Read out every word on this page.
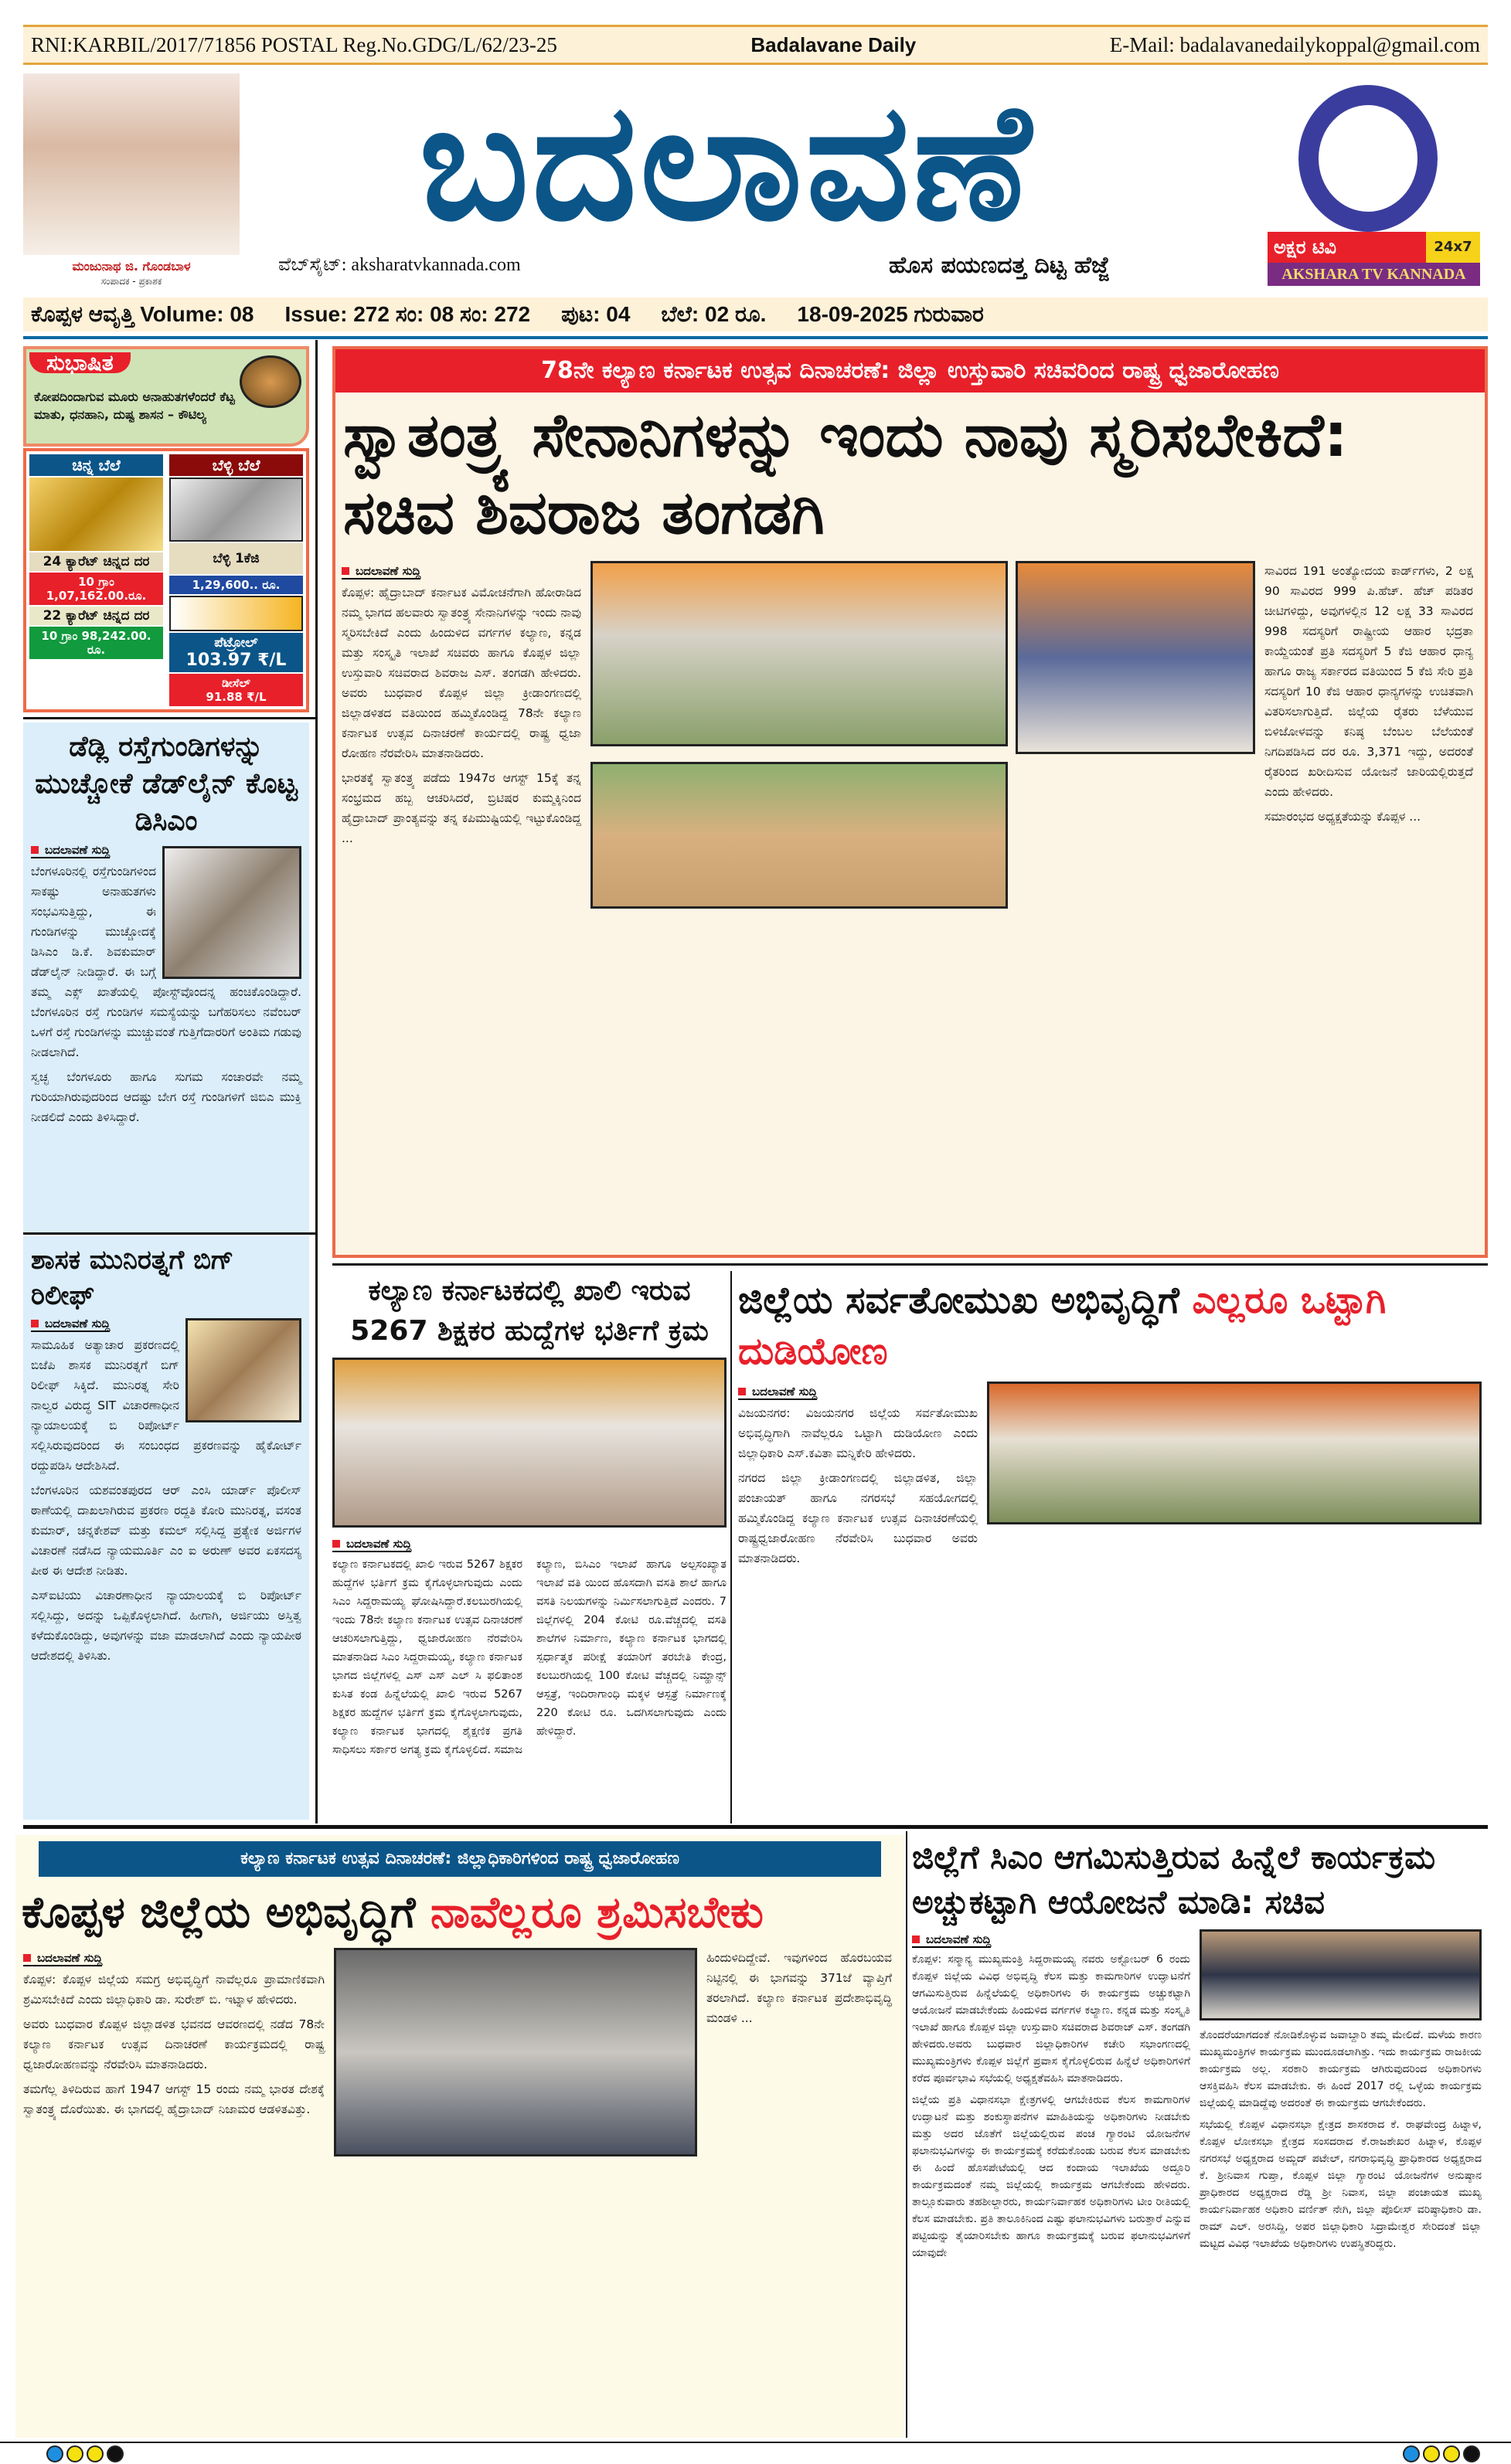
RNI:KARBIL/2017/71856 POSTAL Reg.No.GDG/L/62/23-25	Badalavane Daily	E-Mail: badalavanedailykoppal@gmail.com
ಮಂಜುನಾಥ ಜಿ. ಗೊಂಡಬಾಳ
ಸಂಪಾದಕ - ಪ್ರಕಾಶಕ
ಬದಲಾವಣೆ
ವೆಬ್‌ಸೈಟ್: aksharatvkannada.com	ಹೊಸ ಪಯಣದತ್ತ ದಿಟ್ಟ ಹೆಜ್ಜೆ
ಅಕ್ಷರ ಟಿವಿ	24x7
AKSHARA TV KANNADA
ಕೊಪ್ಪಳ ಆವೃತ್ತಿ Volume: 08 Issue: 272 ಸಂ: 08 ಸಂ: 272 ಪುಟ: 04 ಬೆಲೆ: 02 ರೂ. 18-09-2025 ಗುರುವಾರ
ಸುಭಾಷಿತ
ಕೋಪದಿಂದಾಗುವ ಮೂರು ಅನಾಹುತಗಳೆಂದರೆ ಕೆಟ್ಟ ಮಾತು, ಧನಹಾನಿ, ದುಷ್ಟ ಶಾಸನ – ಕೌಟಿಲ್ಯ
ಚಿನ್ನ ಬೆಲೆ
24 ಕ್ಯಾರೆಟ್ ಚಿನ್ನದ ದರ
10 ಗ್ರಾಂ 1,07,162.00.ರೂ.
22 ಕ್ಯಾರೆಟ್ ಚಿನ್ನದ ದರ
10 ಗ್ರಾಂ 98,242.00. ರೂ.
ಬೆಳ್ಳಿ ಬೆಲೆ
ಬೆಳ್ಳಿ 1ಕೆಜಿ
1,29,600.. ರೂ.
ಪೆಟ್ರೋಲ್
103.97 ₹/L
ಡೀಸೆಲ್
91.88 ₹/L
ಡೆಡ್ಲಿ ರಸ್ತೆಗುಂಡಿಗಳನ್ನು ಮುಚ್ಚೋಕೆ ಡೆಡ್‌ಲೈನ್ ಕೊಟ್ಟ ಡಿಸಿಎಂ
ಬದಲಾವಣೆ ಸುದ್ದಿ

ಬೆಂಗಳೂರಿನಲ್ಲಿ ರಸ್ತೆಗುಂಡಿಗಳಿಂದ ಸಾಕಷ್ಟು ಅನಾಹುತಗಳು ಸಂಭವಿಸುತ್ತಿದ್ದು, ಈ ಗುಂಡಿಗಳನ್ನು ಮುಚ್ಚೋದಕ್ಕೆ ಡಿಸಿಎಂ ಡಿ.ಕೆ. ಶಿವಕುಮಾರ್ ಡೆಡ್‌ಲೈನ್ ನೀಡಿದ್ದಾರೆ. ಈ ಬಗ್ಗೆ ತಮ್ಮ ಎಕ್ಸ್ ಖಾತೆಯಲ್ಲಿ ಪೋಸ್ಟ್‌ವೊಂದನ್ನ ಹಂಚಿಕೊಂಡಿದ್ದಾರೆ. ಬೆಂಗಳೂರಿನ ರಸ್ತೆ ಗುಂಡಿಗಳ ಸಮಸ್ಯೆಯನ್ನು ಬಗೆಹರಿಸಲು ನವೆಂಬರ್ ಒಳಗೆ ರಸ್ತೆ ಗುಂಡಿಗಳನ್ನು ಮುಚ್ಚುವಂತೆ ಗುತ್ತಿಗೆದಾರರಿಗೆ ಅಂತಿಮ ಗಡುವು ನೀಡಲಾಗಿದೆ.

ಸ್ವಚ್ಛ ಬೆಂಗಳೂರು ಹಾಗೂ ಸುಗಮ ಸಂಚಾರವೇ ನಮ್ಮ ಗುರಿಯಾಗಿರುವುದರಿಂದ ಆದಷ್ಟು ಬೇಗ ರಸ್ತೆ ಗುಂಡಿಗಳಿಗೆ ಜಿಬಿಎ ಮುಕ್ತಿ ನೀಡಲಿದೆ ಎಂದು ತಿಳಿಸಿದ್ದಾರೆ.

ಶಾಸಕ ಮುನಿರತ್ನಗೆ ಬಿಗ್ ರಿಲೀಫ್
ಬದಲಾವಣೆ ಸುದ್ದಿ

ಸಾಮೂಹಿಕ ಅತ್ಯಾಚಾರ ಪ್ರಕರಣದಲ್ಲಿ ಬಿಜೆಪಿ ಶಾಸಕ ಮುನಿರತ್ನಗೆ ಬಿಗ್ ರಿಲೀಫ್ ಸಿಕ್ಕಿದೆ. ಮುನಿರತ್ನ ಸೇರಿ ನಾಲ್ವರ ವಿರುದ್ಧ SIT ವಿಚಾರಣಾಧೀನ ನ್ಯಾಯಾಲಯಕ್ಕೆ ಬಿ ರಿಪೋರ್ಟ್ ಸಲ್ಲಿಸಿರುವುದರಿಂದ ಈ ಸಂಬಂಧದ ಪ್ರಕರಣವನ್ನು ಹೈಕೋರ್ಟ್ ರದ್ದುಪಡಿಸಿ ಆದೇಶಿಸಿದೆ.

ಬೆಂಗಳೂರಿನ ಯಶವಂತಪುರದ ಆರ್ ಎಂಸಿ ಯಾರ್ಡ್ ಪೊಲೀಸ್ ಠಾಣೆಯಲ್ಲಿ ದಾಖಲಾಗಿರುವ ಪ್ರಕರಣ ರದ್ದತಿ ಕೋರಿ ಮುನಿರತ್ನ, ವಸಂತ ಕುಮಾರ್, ಚನ್ನಕೇಶವ್ ಮತ್ತು ಕಮಲ್ ಸಲ್ಲಿಸಿದ್ದ ಪ್ರತ್ಯೇಕ ಅರ್ಜಿಗಳ ವಿಚಾರಣೆ ನಡೆಸಿದ ನ್ಯಾಯಮೂರ್ತಿ ಎಂ ಐ ಅರುಣ್ ಅವರ ಏಕಸದಸ್ಯ ಪೀಠ ಈ ಆದೇಶ ನೀಡಿತು.

ಎಸ್‌ಐಟಿಯು ವಿಚಾರಣಾಧೀನ ನ್ಯಾಯಾಲಯಕ್ಕೆ ಬಿ ರಿಪೋರ್ಟ್ ಸಲ್ಲಿಸಿದ್ದು, ಅದನ್ನು ಒಪ್ಪಿಕೊಳ್ಳಲಾಗಿದೆ. ಹೀಗಾಗಿ, ಅರ್ಜಿಯು ಅಸ್ತಿತ್ವ ಕಳೆದುಕೊಂಡಿದ್ದು, ಅವುಗಳನ್ನು ವಜಾ ಮಾಡಲಾಗಿದೆ ಎಂದು ನ್ಯಾಯಪೀಠ ಆದೇಶದಲ್ಲಿ ತಿಳಿಸಿತು.

78ನೇ ಕಲ್ಯಾಣ ಕರ್ನಾಟಕ ಉತ್ಸವ ದಿನಾಚರಣೆ: ಜಿಲ್ಲಾ ಉಸ್ತುವಾರಿ ಸಚಿವರಿಂದ ರಾಷ್ಟ್ರ ಧ್ವಜಾರೋಹಣ
ಸ್ವಾತಂತ್ರ್ಯ ಸೇನಾನಿಗಳನ್ನು ಇಂದು ನಾವು ಸ್ಮರಿಸಬೇಕಿದೆ: ಸಚಿವ ಶಿವರಾಜ ತಂಗಡಗಿ
ಬದಲಾವಣೆ ಸುದ್ದಿ

ಕೊಪ್ಪಳ: ಹೈದ್ರಾಬಾದ್ ಕರ್ನಾಟಕ ವಿಮೋಚನೆಗಾಗಿ ಹೋರಾಡಿದ ನಮ್ಮ ಭಾಗದ ಹಲವಾರು ಸ್ವಾತಂತ್ರ್ಯ ಸೇನಾನಿಗಳನ್ನು ಇಂದು ನಾವು ಸ್ಮರಿಸಬೇಕಿದೆ ಎಂದು ಹಿಂದುಳಿದ ವರ್ಗಗಳ ಕಲ್ಯಾಣ, ಕನ್ನಡ ಮತ್ತು ಸಂಸ್ಕೃತಿ ಇಲಾಖೆ ಸಚಿವರು ಹಾಗೂ ಕೊಪ್ಪಳ ಜಿಲ್ಲಾ ಉಸ್ತುವಾರಿ ಸಚಿವರಾದ ಶಿವರಾಜ ಎಸ್. ತಂಗಡಗಿ ಹೇಳಿದರು. ಅವರು ಬುಧವಾರ ಕೊಪ್ಪಳ ಜಿಲ್ಲಾ ಕ್ರೀಡಾಂಗಣದಲ್ಲಿ ಜಿಲ್ಲಾಡಳಿತದ ವತಿಯಿಂದ ಹಮ್ಮಿಕೊಂಡಿದ್ದ 78ನೇ ಕಲ್ಯಾಣ ಕರ್ನಾಟಕ ಉತ್ಸವ ದಿನಾಚರಣೆ ಕಾರ್ಯದಲ್ಲಿ ರಾಷ್ಟ್ರ ಧ್ವಜಾ ರೋಹಣ ನೆರವೇರಿಸಿ ಮಾತನಾಡಿದರು.

ಭಾರತಕ್ಕೆ ಸ್ವಾತಂತ್ರ್ಯ ಪಡೆದು 1947ರ ಆಗಸ್ಟ್ 15ಕ್ಕೆ ತನ್ನ ಸಂಭ್ರಮದ ಹಬ್ಬ ಆಚರಿಸಿದರೆ, ಬ್ರಿಟಿಷರ ಕುಮ್ಮಕ್ಕಿನಿಂದ ಹೈದ್ರಾಬಾದ್ ಪ್ರಾಂತ್ಯವನ್ನು ತನ್ನ ಕಪಿಮುಷ್ಟಿಯಲ್ಲಿ ಇಟ್ಟುಕೊಂಡಿದ್ದ ...

ಸಾವಿರದ 191 ಅಂತ್ಯೋದಯ ಕಾರ್ಡ್‌ಗಳು, 2 ಲಕ್ಷ 90 ಸಾವಿರದ 999 ಪಿ.ಹೆಚ್. ಹೆಚ್ ಪಡಿತರ ಚೀಟಿಗಳಿದ್ದು, ಅವುಗಳಲ್ಲಿನ 12 ಲಕ್ಷ 33 ಸಾವಿರದ 998 ಸದಸ್ಯರಿಗೆ ರಾಷ್ಟ್ರೀಯ ಆಹಾರ ಭದ್ರತಾ ಕಾಯ್ದೆಯಂತೆ ಪ್ರತಿ ಸದಸ್ಯರಿಗೆ 5 ಕೆಜಿ ಆಹಾರ ಧಾನ್ಯ ಹಾಗೂ ರಾಜ್ಯ ಸರ್ಕಾರದ ವತಿಯಿಂದ 5 ಕೆಜಿ ಸೇರಿ ಪ್ರತಿ ಸದಸ್ಯರಿಗೆ 10 ಕೆಜಿ ಆಹಾರ ಧಾನ್ಯಗಳನ್ನು ಉಚಿತವಾಗಿ ವಿತರಿಸಲಾಗುತ್ತಿದೆ. ಜಿಲ್ಲೆಯ ರೈತರು ಬೆಳೆಯುವ ಬಿಳಿಜೋಳವನ್ನು ಕನಿಷ್ಠ ಬೆಂಬಲ ಬೆಲೆಯಂತೆ ನಿಗದಿಪಡಿಸಿದ ದರ ರೂ. 3,371 ಇದ್ದು, ಅದರಂತೆ ರೈತರಿಂದ ಖರೀದಿಸುವ ಯೋಜನೆ ಜಾರಿಯಲ್ಲಿರುತ್ತದೆ ಎಂದು ಹೇಳಿದರು.

ಸಮಾರಂಭದ ಅಧ್ಯಕ್ಷತೆಯನ್ನು ಕೊಪ್ಪಳ ...

ಕಲ್ಯಾಣ ಕರ್ನಾಟಕದಲ್ಲಿ ಖಾಲಿ ಇರುವ 5267 ಶಿಕ್ಷಕರ ಹುದ್ದೆಗಳ ಭರ್ತಿಗೆ ಕ್ರಮ
ಬದಲಾವಣೆ ಸುದ್ದಿ

ಕಲ್ಯಾಣ ಕರ್ನಾಟಕದಲ್ಲಿ ಖಾಲಿ ಇರುವ 5267 ಶಿಕ್ಷಕರ ಹುದ್ದೆಗಳ ಭರ್ತಿಗೆ ಕ್ರಮ ಕೈಗೊಳ್ಳಲಾಗುವುದು ಎಂದು ಸಿಎಂ ಸಿದ್ದರಾಮಯ್ಯ ಘೋಷಿಸಿದ್ದಾರೆ.ಕಲಬುರಗಿಯಲ್ಲಿ ಇಂದು 78ನೇ ಕಲ್ಯಾಣ ಕರ್ನಾಟಕ ಉತ್ಸವ ದಿನಾಚರಣೆ ಆಚರಿಸಲಾಗುತ್ತಿದ್ದು, ಧ್ವಜಾರೋಹಣ ನೆರವೇರಿಸಿ ಮಾತನಾಡಿದ ಸಿಎಂ ಸಿದ್ದರಾಮಯ್ಯ, ಕಲ್ಯಾಣ ಕರ್ನಾಟಕ ಭಾಗದ ಜಿಲ್ಲೆಗಳಲ್ಲಿ ಎಸ್ ಎಸ್ ಎಲ್ ಸಿ ಫಲಿತಾಂಶ ಕುಸಿತ ಕಂಡ ಹಿನ್ನೆಲೆಯಲ್ಲಿ ಖಾಲಿ ಇರುವ 5267 ಶಿಕ್ಷಕರ ಹುದ್ದೆಗಳ ಭರ್ತಿಗೆ ಕ್ರಮ ಕೈಗೊಳ್ಳಲಾಗುವುದು, ಕಲ್ಯಾಣ ಕರ್ನಾಟಕ ಭಾಗದಲ್ಲಿ ಶೈಕ್ಷಣಿಕ ಪ್ರಗತಿ ಸಾಧಿಸಲು ಸರ್ಕಾರ ಅಗತ್ಯ ಕ್ರಮ ಕೈಗೊಳ್ಳಲಿದೆ. ಸಮಾಜ ಕಲ್ಯಾಣ, ಬಿಸಿಎಂ ಇಲಾಖೆ ಹಾಗೂ ಅಲ್ಪಸಂಖ್ಯಾತ ಇಲಾಖೆ ವತಿ ಯಿಂದ ಹೊಸದಾಗಿ ವಸತಿ ಶಾಲೆ ಹಾಗೂ ವಸತಿ ನಿಲಯಗಳನ್ನು ನಿರ್ಮಿಸಲಾಗುತ್ತಿದೆ ಎಂದರು. 7 ಜಿಲ್ಲೆಗಳಲ್ಲಿ 204 ಕೋಟಿ ರೂ.ವೆಚ್ಚದಲ್ಲಿ ವಸತಿ ಶಾಲೆಗಳ ನಿರ್ಮಾಣ, ಕಲ್ಯಾಣ ಕರ್ನಾಟಕ ಭಾಗದಲ್ಲಿ ಸ್ಪರ್ಧಾತ್ಮಕ ಪರೀಕ್ಷೆ ತಯಾರಿಗೆ ತರಬೇತಿ ಕೇಂದ್ರ, ಕಲಬುರಗಿಯಲ್ಲಿ 100 ಕೋಟಿ ವೆಚ್ಚದಲ್ಲಿ ನಿಮ್ಹಾನ್ಸ್ ಆಸ್ಪತ್ರೆ, ಇಂದಿರಾಗಾಂಧಿ ಮಕ್ಕಳ ಆಸ್ಪತ್ರೆ ನಿರ್ಮಾಣಕ್ಕೆ 220 ಕೋಟಿ ರೂ. ಒದಗಿಸಲಾಗುವುದು ಎಂದು ಹೇಳಿದ್ದಾರೆ.

ಜಿಲ್ಲೆಯ ಸರ್ವತೋಮುಖ ಅಭಿವೃದ್ಧಿಗೆ ಎಲ್ಲರೂ ಒಟ್ಟಾಗಿ ದುಡಿಯೋಣ
ಬದಲಾವಣೆ ಸುದ್ದಿ

ವಿಜಯನಗರ: ವಿಜಯನಗರ ಜಿಲ್ಲೆಯ ಸರ್ವತೋಮುಖ ಅಭಿವೃದ್ಧಿಗಾಗಿ ನಾವೆಲ್ಲರೂ ಒಟ್ಟಾಗಿ ದುಡಿಯೋಣ ಎಂದು ಜಿಲ್ಲಾಧಿಕಾರಿ ಎಸ್.ಕವಿತಾ ಮನ್ನಿಕೇರಿ ಹೇಳಿದರು.

ನಗರದ ಜಿಲ್ಲಾ ಕ್ರೀಡಾಂಗಣದಲ್ಲಿ ಜಿಲ್ಲಾಡಳಿತ, ಜಿಲ್ಲಾ ಪಂಚಾಯತ್ ಹಾಗೂ ನಗರಸಭೆ ಸಹಯೋಗದಲ್ಲಿ ಹಮ್ಮಿಕೊಂಡಿದ್ದ ಕಲ್ಯಾಣ ಕರ್ನಾಟಕ ಉತ್ಸವ ದಿನಾಚರಣೆಯಲ್ಲಿ ರಾಷ್ಟ್ರಧ್ವಜಾರೋಹಣ ನೆರವೇರಿಸಿ ಬುಧವಾರ ಅವರು ಮಾತನಾಡಿದರು.

ಕಲ್ಯಾಣ ಕರ್ನಾಟಕ ಉತ್ಸವ ದಿನಾಚರಣೆ: ಜಿಲ್ಲಾಧಿಕಾರಿಗಳಿಂದ ರಾಷ್ಟ್ರ ಧ್ವಜಾರೋಹಣ
ಕೊಪ್ಪಳ ಜಿಲ್ಲೆಯ ಅಭಿವೃದ್ಧಿಗೆ ನಾವೆಲ್ಲರೂ ಶ್ರಮಿಸಬೇಕು
ಬದಲಾವಣೆ ಸುದ್ದಿ

ಕೊಪ್ಪಳ: ಕೊಪ್ಪಳ ಜಿಲ್ಲೆಯ ಸಮಗ್ರ ಅಭಿವೃದ್ಧಿಗೆ ನಾವೆಲ್ಲರೂ ಪ್ರಾಮಾಣಿಕವಾಗಿ ಶ್ರಮಿಸಬೇಕಿದೆ ಎಂದು ಜಿಲ್ಲಾಧಿಕಾರಿ ಡಾ. ಸುರೇಶ್ ಬಿ. ಇಟ್ನಾಳ ಹೇಳಿದರು.

ಅವರು ಬುಧವಾರ ಕೊಪ್ಪಳ ಜಿಲ್ಲಾಡಳಿತ ಭವನದ ಆವರಣದಲ್ಲಿ ನಡೆದ 78ನೇ ಕಲ್ಯಾಣ ಕರ್ನಾಟಕ ಉತ್ಸವ ದಿನಾಚರಣೆ ಕಾರ್ಯಕ್ರಮದಲ್ಲಿ ರಾಷ್ಟ್ರ ಧ್ವಜಾರೋಹಣವನ್ನು ನೆರವೇರಿಸಿ ಮಾತನಾಡಿದರು.

ತಮಗೆಲ್ಲ ತಿಳಿದಿರುವ ಹಾಗೆ 1947 ಆಗಸ್ಟ್ 15 ರಂದು ನಮ್ಮ ಭಾರತ ದೇಶಕ್ಕೆ ಸ್ವಾತಂತ್ರ್ಯ ದೊರೆಯಿತು. ಈ ಭಾಗದಲ್ಲಿ ಹೈದ್ರಾಬಾದ್ ನಿಜಾಮರ ಆಡಳಿತವಿತ್ತು.

ಹಿಂದುಳಿದಿದ್ದೇವೆ. ಇವುಗಳಿಂದ ಹೊರಬಯವ ನಿಟ್ಟಿನಲ್ಲಿ ಈ ಭಾಗವನ್ನು 371ಜೆ ವ್ಯಾಪ್ತಿಗೆ ತರಲಾಗಿದೆ. ಕಲ್ಯಾಣ ಕರ್ನಾಟಕ ಪ್ರದೇಶಾಭಿವೃದ್ಧಿ ಮಂಡಳಿ ...

ಜಿಲ್ಲೆಗೆ ಸಿಎಂ ಆಗಮಿಸುತ್ತಿರುವ ಹಿನ್ನೆಲೆ ಕಾರ್ಯಕ್ರಮ ಅಚ್ಚುಕಟ್ಟಾಗಿ ಆಯೋಜನೆ ಮಾಡಿ: ಸಚಿವ
ಬದಲಾವಣೆ ಸುದ್ದಿ

ಕೊಪ್ಪಳ: ಸನ್ಮಾನ್ಯ ಮುಖ್ಯಮಂತ್ರಿ ಸಿದ್ದರಾಮಯ್ಯ ನವರು ಅಕ್ಟೋಬರ್ 6 ರಂದು ಕೊಪ್ಪಳ ಜಿಲ್ಲೆಯ ವಿವಿಧ ಅಭಿವೃದ್ಧಿ ಕೆಲಸ ಮತ್ತು ಕಾಮಗಾರಿಗಳ ಉದ್ಘಾಟನೆಗೆ ಆಗಮಿಸುತ್ತಿರುವ ಹಿನ್ನೆಲೆಯಲ್ಲಿ ಅಧಿಕಾರಿಗಳು ಈ ಕಾರ್ಯಕ್ರಮ ಅಚ್ಚುಕಟ್ಟಾಗಿ ಆಯೋಜನೆ ಮಾಡಬೇಕೆಂದು ಹಿಂದುಳಿದ ವರ್ಗಗಳ ಕಲ್ಯಾಣ. ಕನ್ನಡ ಮತ್ತು ಸಂಸ್ಕೃತಿ ಇಲಾಖೆ ಹಾಗೂ ಕೊಪ್ಪಳ ಜಿಲ್ಲಾ ಉಸ್ತುವಾರಿ ಸಚಿವರಾದ ಶಿವರಾಜ್ ಎಸ್. ತಂಗಡಗಿ ಹೇಳಿದರು.ಅವರು ಬುಧವಾರ ಜಿಲ್ಲಾಧಿಕಾರಿಗಳ ಕಚೇರಿ ಸಭಾಂಗಣದಲ್ಲಿ ಮುಖ್ಯಮಂತ್ರಿಗಳು ಕೊಪ್ಪಳ ಜಿಲ್ಲೆಗೆ ಪ್ರವಾಸ ಕೈಗೊಳ್ಳಲಿರುವ ಹಿನ್ನೆಲೆ ಅಧಿಕಾರಿಗಳಿಗೆ ಕರೆದ ಪೂರ್ವಭಾವಿ ಸಭೆಯಲ್ಲಿ ಅಧ್ಯಕ್ಷತೆವಹಿಸಿ ಮಾತನಾಡಿದರು.

ಜಿಲ್ಲೆಯ ಪ್ರತಿ ವಿಧಾನಸಭಾ ಕ್ಷೇತ್ರಗಳಲ್ಲಿ ಆಗಬೇಕಿರುವ ಕೆಲಸ ಕಾಮಗಾರಿಗಳ ಉದ್ಘಾಟನೆ ಮತ್ತು ಶಂಕುಸ್ಥಾಪನೆಗಳ ಮಾಹಿತಿಯನ್ನು ಅಧಿಕಾರಿಗಳು ನೀಡಬೇಕು ಮತ್ತು ಅದರ ಜೊತೆಗೆ ಜಿಲ್ಲೆಯಲ್ಲಿರುವ ಪಂಚ ಗ್ಯಾರಂಟಿ ಯೋಜನೆಗಳ ಫಲಾನುಭವಿಗಳನ್ನು ಈ ಕಾರ್ಯಕ್ರಮಕ್ಕೆ ಕರೆದುಕೊಂಡು ಬರುವ ಕೆಲಸ ಮಾಡಬೇಕು ಈ ಹಿಂದೆ ಹೊಸಪೇಟೆಯಲ್ಲಿ ಆದ ಕಂದಾಯ ಇಲಾಖೆಯ ಅದ್ದೂರಿ ಕಾರ್ಯಕ್ರಮದಂತೆ ನಮ್ಮ ಜಿಲ್ಲೆಯಲ್ಲಿ ಕಾರ್ಯಕ್ರಮ ಆಗಬೇಕೆಂದು ಹೇಳಿದರು. ತಾಲ್ಲೂಕುವಾರು ತಹಶೀಲ್ದಾರರು, ಕಾರ್ಯನಿರ್ವಾಹಕ ಅಧಿಕಾರಿಗಳು ಟೀಂ ರೀತಿಯಲ್ಲಿ ಕೆಲಸ ಮಾಡಬೇಕು. ಪ್ರತಿ ತಾಲೂಕಿನಿಂದ ಎಷ್ಟು ಫಲಾನುಭವಿಗಳು ಬರುತ್ತಾರೆ ಎನ್ನುವ ಪಟ್ಟಿಯನ್ನು ತೈಯಾರಿಸಬೇಕು ಹಾಗೂ ಕಾರ್ಯಕ್ರಮಕ್ಕೆ ಬರುವ ಫಲಾನುಭವಿಗಳಿಗೆ ಯಾವುದೇ

ತೊಂದರೆಯಾಗದಂತೆ ನೋಡಿಕೊಳ್ಳುವ ಜವಾಬ್ದಾರಿ ತಮ್ಮ ಮೇಲಿದೆ. ಮಳೆಯ ಕಾರಣ ಮುಖ್ಯಮಂತ್ರಿಗಳ ಕಾರ್ಯಕ್ರಮ ಮುಂದೂಡಲಾಗಿತ್ತು. ಇದು ಕಾರ್ಯಕ್ರಮ ರಾಜಕೀಯ ಕಾರ್ಯಕ್ರಮ ಅಲ್ಲ. ಸರಕಾರಿ ಕಾರ್ಯಕ್ರಮ ಆಗಿರುವುದರಿಂದ ಅಧಿಕಾರಿಗಳು ಆಸಕ್ತಿವಹಿಸಿ ಕೆಲಸ ಮಾಡಬೇಕು. ಈ ಹಿಂದೆ 2017 ರಲ್ಲಿ ಒಳ್ಳೆಯ ಕಾರ್ಯಕ್ರಮ ಜಿಲ್ಲೆಯಲ್ಲಿ ಮಾಡಿದ್ದೆವು ಅದರಂತೆ ಈ ಕಾರ್ಯಕ್ರಮ ಆಗಬೇಕೆಂದರು.

ಸಭೆಯಲ್ಲಿ ಕೊಪ್ಪಳ ವಿಧಾನಸಭಾ ಕ್ಷೇತ್ರದ ಶಾಸಕರಾದ ಕೆ. ರಾಘವೇಂದ್ರ ಹಿಟ್ನಾಳ, ಕೊಪ್ಪಳ ಲೋಕಸಭಾ ಕ್ಷೇತ್ರದ ಸಂಸದರಾದ ಕೆ.ರಾಜಶೇಖರ ಹಿಟ್ನಾಳ, ಕೊಪ್ಪಳ ನಗರಸಭೆ ಅಧ್ಯಕ್ಷರಾದ ಅಮ್ಜದ್ ಪಟೇಲ್, ನಗರಾಭಿವೃದ್ಧಿ ಪ್ರಾಧಿಕಾರದ ಅಧ್ಯಕ್ಷರಾದ ಕೆ. ಶ್ರೀನಿವಾಸ ಗುಪ್ತಾ, ಕೊಪ್ಪಳ ಜಿಲ್ಲಾ ಗ್ಯಾರಂಟಿ ಯೋಜನೆಗಳ ಅನುಷ್ಠಾನ ಪ್ರಾಧಿಕಾರದ ಅಧ್ಯಕ್ಷರಾದ ರೆಡ್ಡಿ ಶ್ರೀ ನಿವಾಸ, ಜಿಲ್ಲಾ ಪಂಚಾಯತ ಮುಖ್ಯ ಕಾರ್ಯನಿರ್ವಾಹಕ ಅಧಿಕಾರಿ ವರ್ಣಿತ್ ನೇಗಿ, ಜಿಲ್ಲಾ ಪೊಲೀಸ್ ವರಿಷ್ಠಾಧಿಕಾರಿ ಡಾ. ರಾಮ್ ಎಲ್. ಅರಸಿದ್ದಿ, ಅಪರ ಜಿಲ್ಲಾಧಿಕಾರಿ ಸಿದ್ರಾಮೇಶ್ವರ ಸೇರಿದಂತೆ ಜಿಲ್ಲಾ ಮಟ್ಟದ ವಿವಿಧ ಇಲಾಖೆಯ ಅಧಿಕಾರಿಗಳು ಉಪಸ್ಥಿತರಿದ್ದರು.
